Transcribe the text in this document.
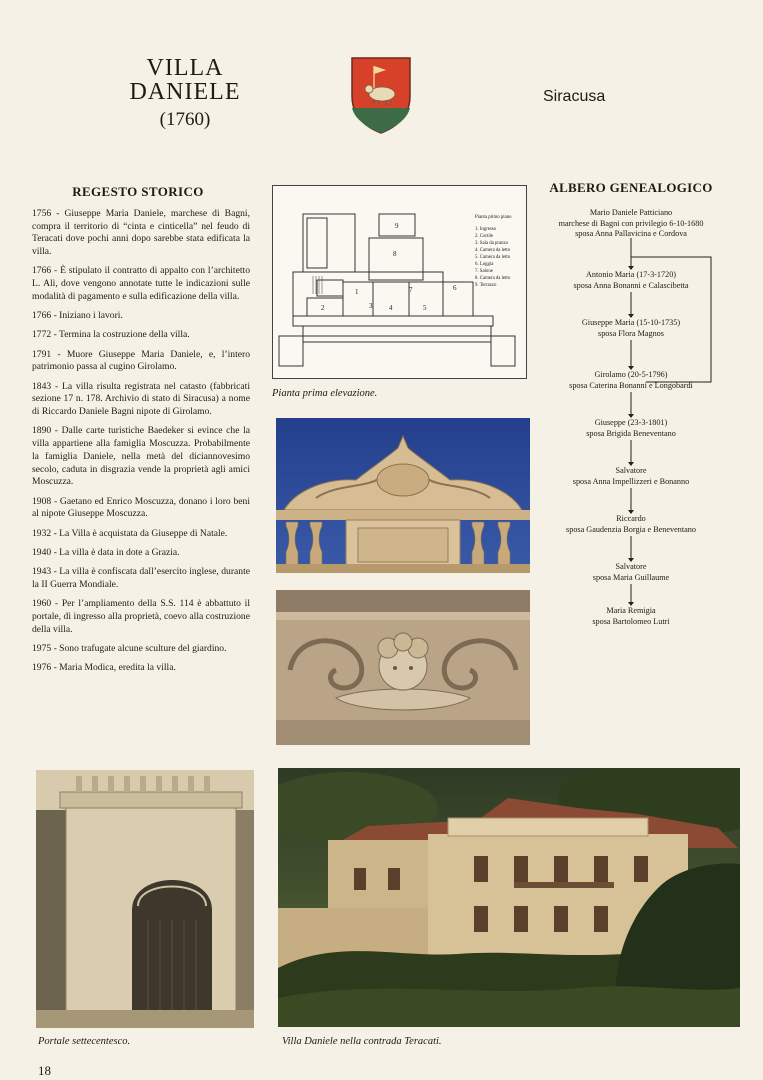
VILLA
DANIELE
(1760)
Siracusa
REGESTO STORICO

1756 - Giuseppe Maria Daniele, marchese di Bagni, compra il territorio di “cinta e cinticella” nel feudo di Teracati dove pochi anni dopo sarebbe stata edificata la villa.

1766 - È stipulato il contratto di appalto con l’architetto L. Alì, dove vengono annotate tutte le indicazioni sulle modalità di pagamento e sulla edificazione della villa.

1766 - Iniziano i lavori.

1772 - Termina la costruzione della villa.

1791 - Muore Giuseppe Maria Daniele, e, l’intero patrimonio passa al cugino Girolamo.

1843 - La villa risulta registrata nel catasto (fabbricati sezione 17 n. 178. Archivio di stato di Siracusa) a nome di Riccardo Daniele Bagni nipote di Girolamo.

1890 - Dalle carte turistiche Baedeker si evince che la villa appartiene alla famiglia Moscuzza. Probabilmente la famiglia Daniele, nella metà del diciannovesimo secolo, caduta in disgrazia vende la proprietà agli amici Moscuzza.

1908 - Gaetano ed Enrico Moscuzza, donano i loro beni al nipote Giuseppe Moscuzza.

1932 - La Villa è acquistata da Giuseppe di Natale.

1940 - La villa è data in dote a Grazia.

1943 - La villa è confiscata dall’esercito inglese, durante la II Guerra Mondiale.

1960 - Per l’ampliamento della S.S. 114 è abbattuto il portale, di ingresso alla proprietà, coevo alla costruzione della villa.

1975 - Sono trafugate alcune sculture del giardino.

1976 - Maria Modica, eredita la villa.

1
2	3 4	5
6
7
8
9
Pianta primo piano
1. Ingresso
2. Cortile
3. Sala da pranzo
4. Camera da letto
5. Camera da letto
6. Loggia
7. Salone
8. Camera da letto
9. Terrazzo
Pianta prima elevazione.
ALBERO GENEALOGICO
Mario Daniele Patticiano
marchese di Bagni con privilegio 6-10-1680
sposa Anna Pallavicina e Cordova
Antonio Maria (17-3-1720)
sposa Anna Bonanni e Calascibetta
Giuseppe Maria (15-10-1735)
sposa Flora Magnos
Girolamo (20-5-1796)
sposa Caterina Bonanni e Longobardi
Giuseppe (23-3-1801)
sposa Brigida Beneventano
Salvatore
sposa Anna Impellizzeri e Bonanno
Riccardo
sposa Gaudenzia Borgia e Beneventano
Salvatore
sposa Maria Guillaume
Maria Remigia
sposa Bartolomeo Lutri
Portale settecentesco.	Villa Daniele nella contrada Teracati.
18
